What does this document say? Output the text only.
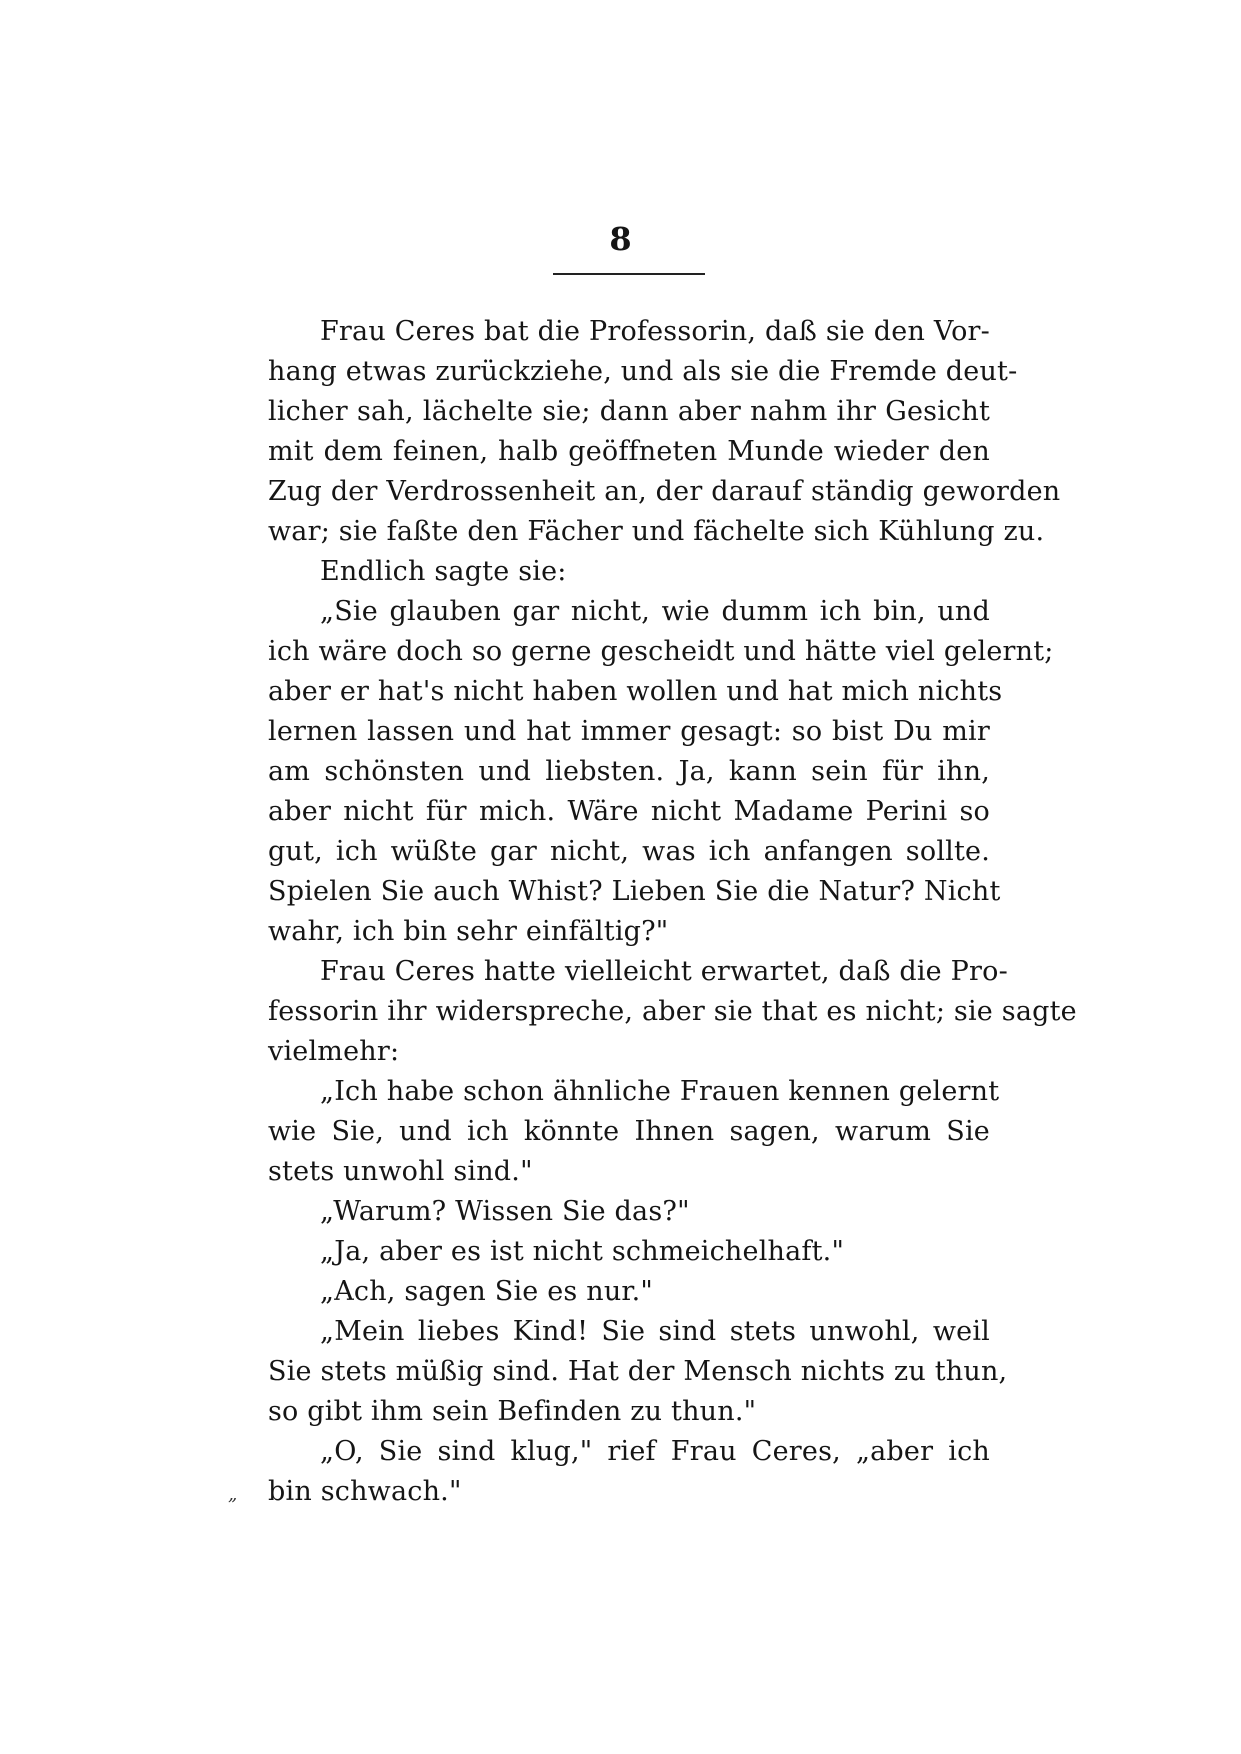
8
Frau Ceres bat die Professorin, daß sie den Vor-
hang etwas zurückziehe, und als sie die Fremde deut-
licher sah, lächelte sie; dann aber nahm ihr Gesicht
mit dem feinen, halb geöffneten Munde wieder den
Zug der Verdrossenheit an, der darauf ständig geworden
war; sie faßte den Fächer und fächelte sich Kühlung zu.
Endlich sagte sie:
„Sie glauben gar nicht, wie dumm ich bin, und
ich wäre doch so gerne gescheidt und hätte viel gelernt;
aber er hat's nicht haben wollen und hat mich nichts
lernen lassen und hat immer gesagt: so bist Du mir
am schönsten und liebsten. Ja, kann sein für ihn,
aber nicht für mich. Wäre nicht Madame Perini so
gut, ich wüßte gar nicht, was ich anfangen sollte.
Spielen Sie auch Whist? Lieben Sie die Natur? Nicht
wahr, ich bin sehr einfältig?"
Frau Ceres hatte vielleicht erwartet, daß die Pro-
fessorin ihr widerspreche, aber sie that es nicht; sie sagte
vielmehr:
„Ich habe schon ähnliche Frauen kennen gelernt
wie Sie, und ich könnte Ihnen sagen, warum Sie
stets unwohl sind."
„Warum? Wissen Sie das?"
„Ja, aber es ist nicht schmeichelhaft."
„Ach, sagen Sie es nur."
„Mein liebes Kind! Sie sind stets unwohl, weil
Sie stets müßig sind. Hat der Mensch nichts zu thun,
so gibt ihm sein Befinden zu thun."
„O, Sie sind klug," rief Frau Ceres, „aber ich
bin schwach."
„
